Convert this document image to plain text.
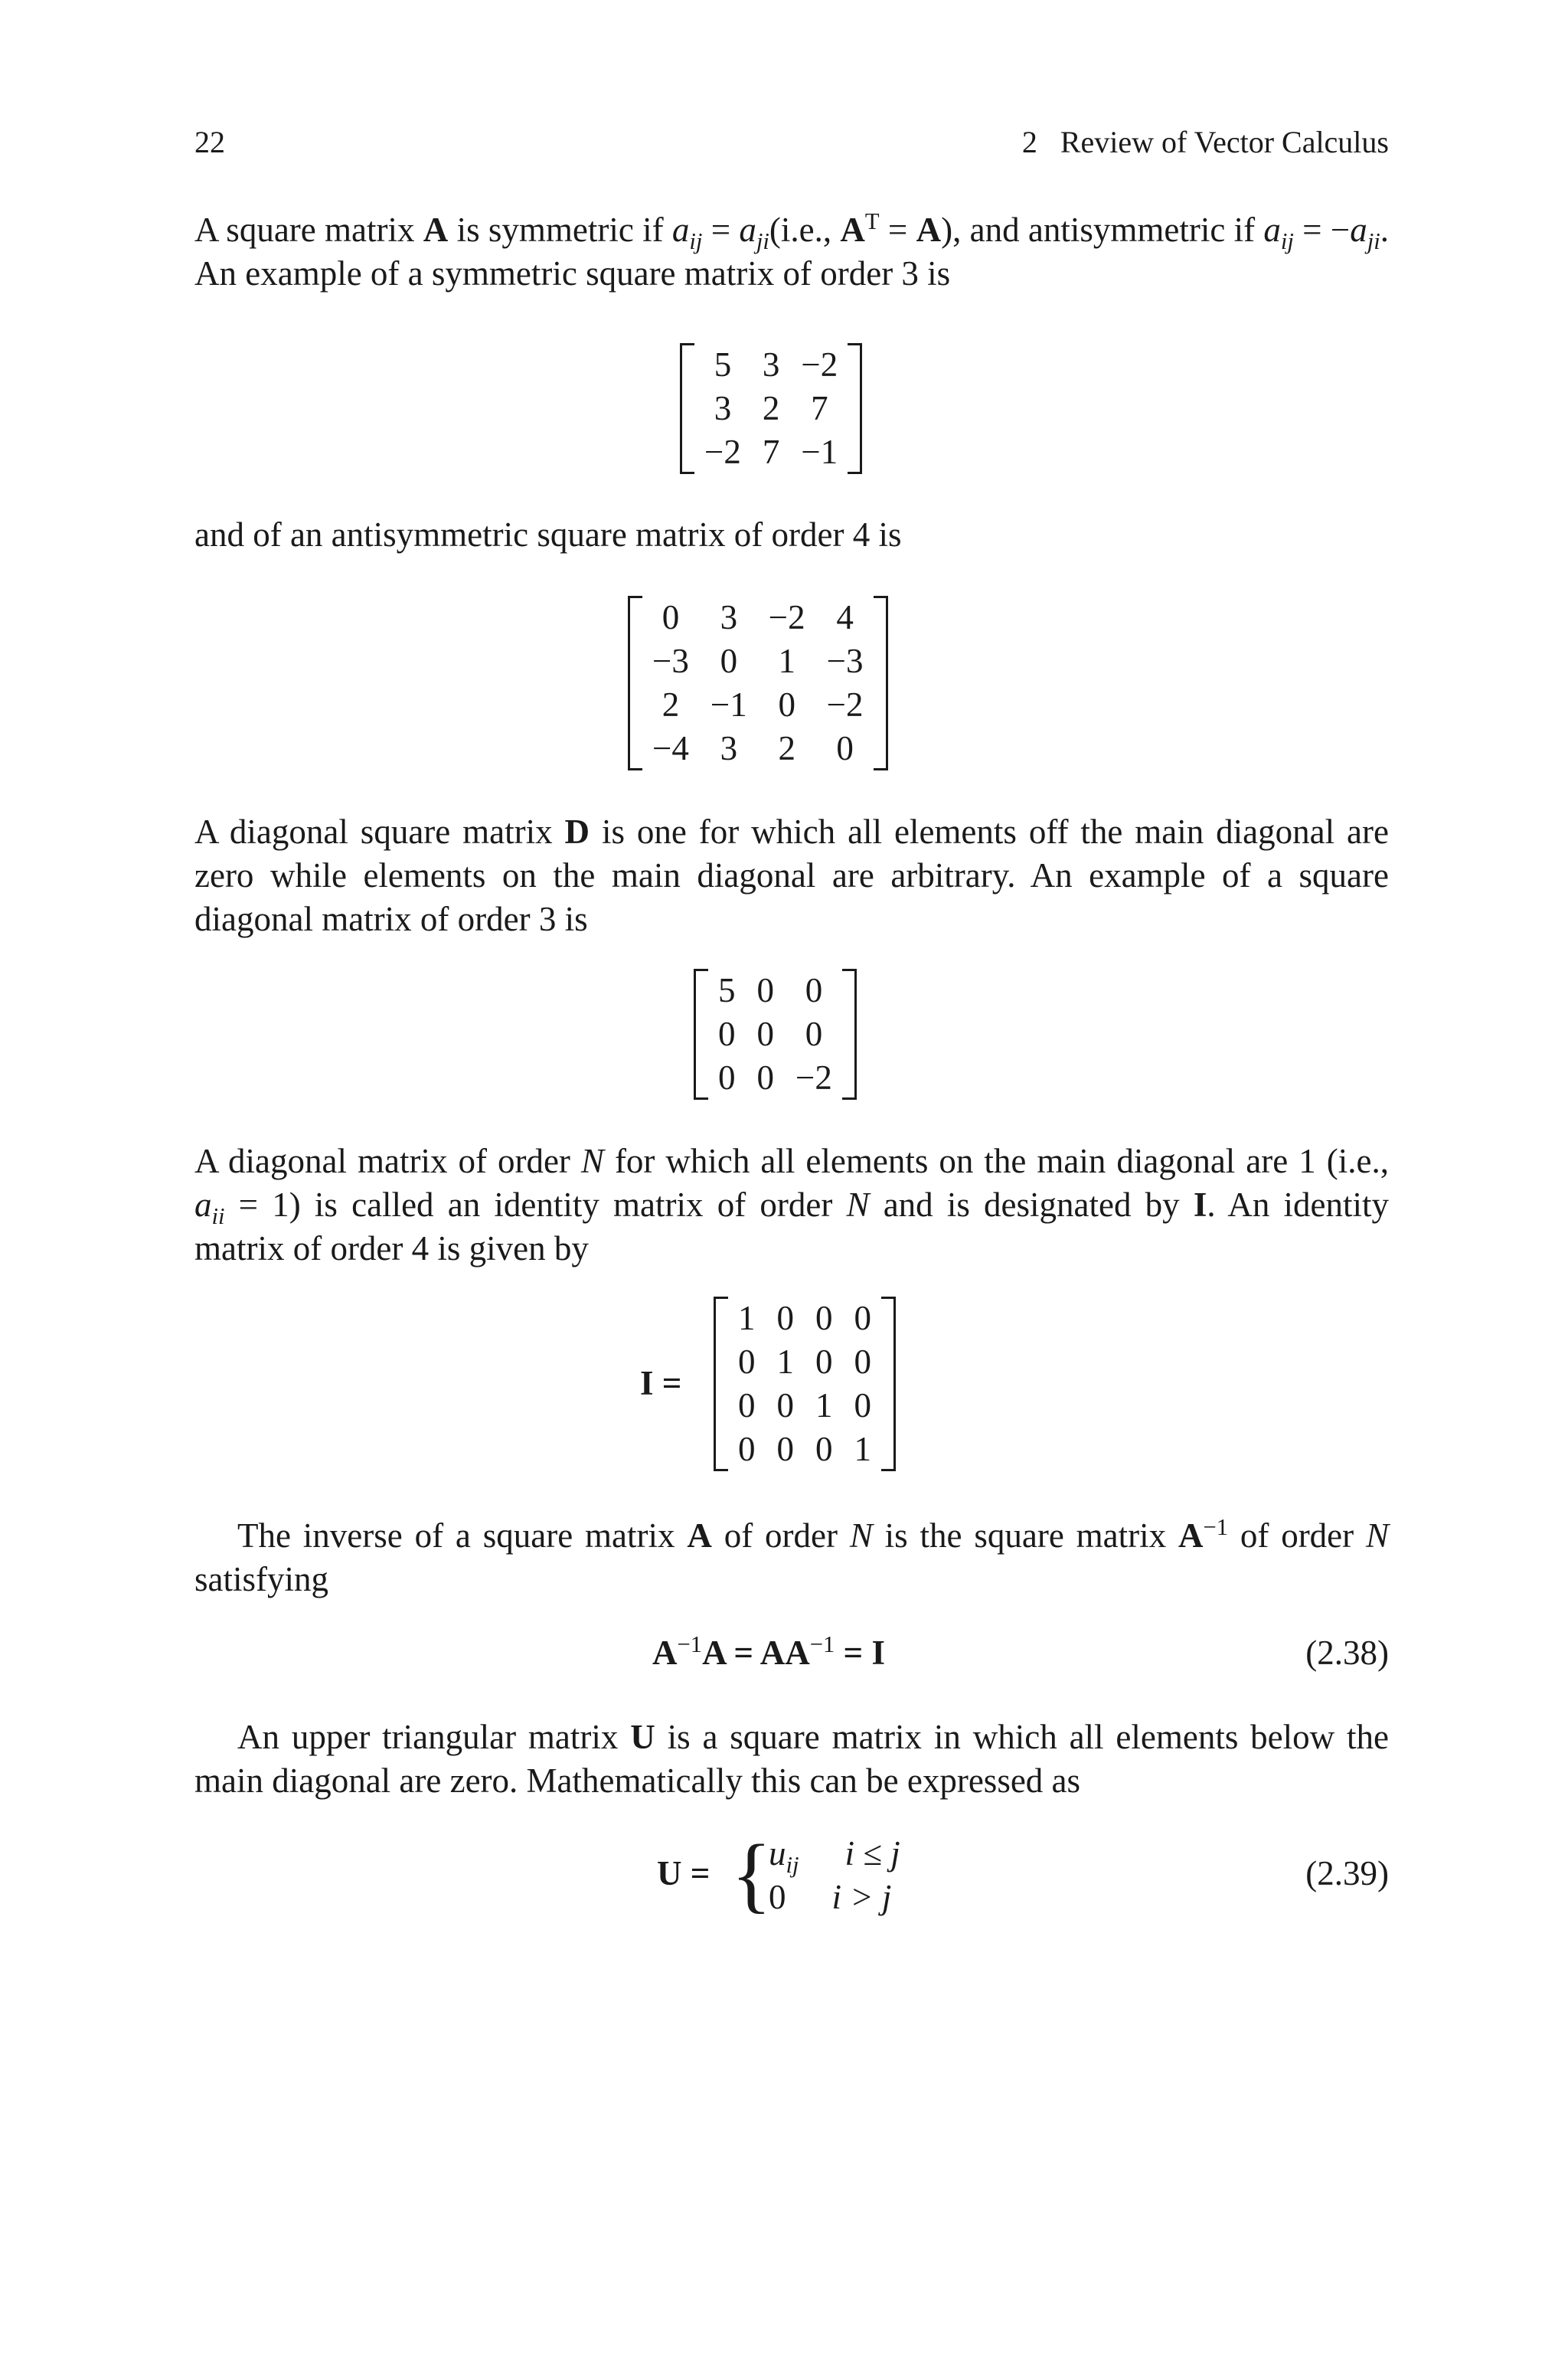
22	2   Review of Vector Calculus
A square matrix A is symmetric if $a_{ij} = a_{ji}(i.e$., $A^T = A$), and antisymmetric if $a_{ij} = -a_{ji}$. An example of a symmetric square matrix of order 3 is
5	3	−2
3	2	7
−2	7	−1
and of an antisymmetric square matrix of order 4 is
0	3	−2	4
−3	0	1	−3
2	−1	0	−2
−4	3	2	0
A diagonal square matrix D is one for which all elements off the main diagonal are zero while elements on the main diagonal are arbitrary. An example of a square diagonal matrix of order 3 is
5	0	0
0	0	0
0	0	−2
A diagonal matrix of order N for which all elements on the main diagonal are 1 (i.e., $a_{ii} = 1$) is called an identity matrix of order N and is designated by I. An identity matrix of order 4 is given by
I =
1	0	0	0
0	1	0	0
0	0	1	0
0	0	0	1
The inverse of a square matrix A of order N is the square matrix $A^{-1}$ of order N satisfying
$A^{-1}A = AA^{-1} = I$	(2.38)
An upper triangular matrix U is a square matrix in which all elements below the main diagonal are zero. Mathematically this can be expressed as
U = {
$u_{ij}$ i ≤ j
0 i > j
(2.39)
